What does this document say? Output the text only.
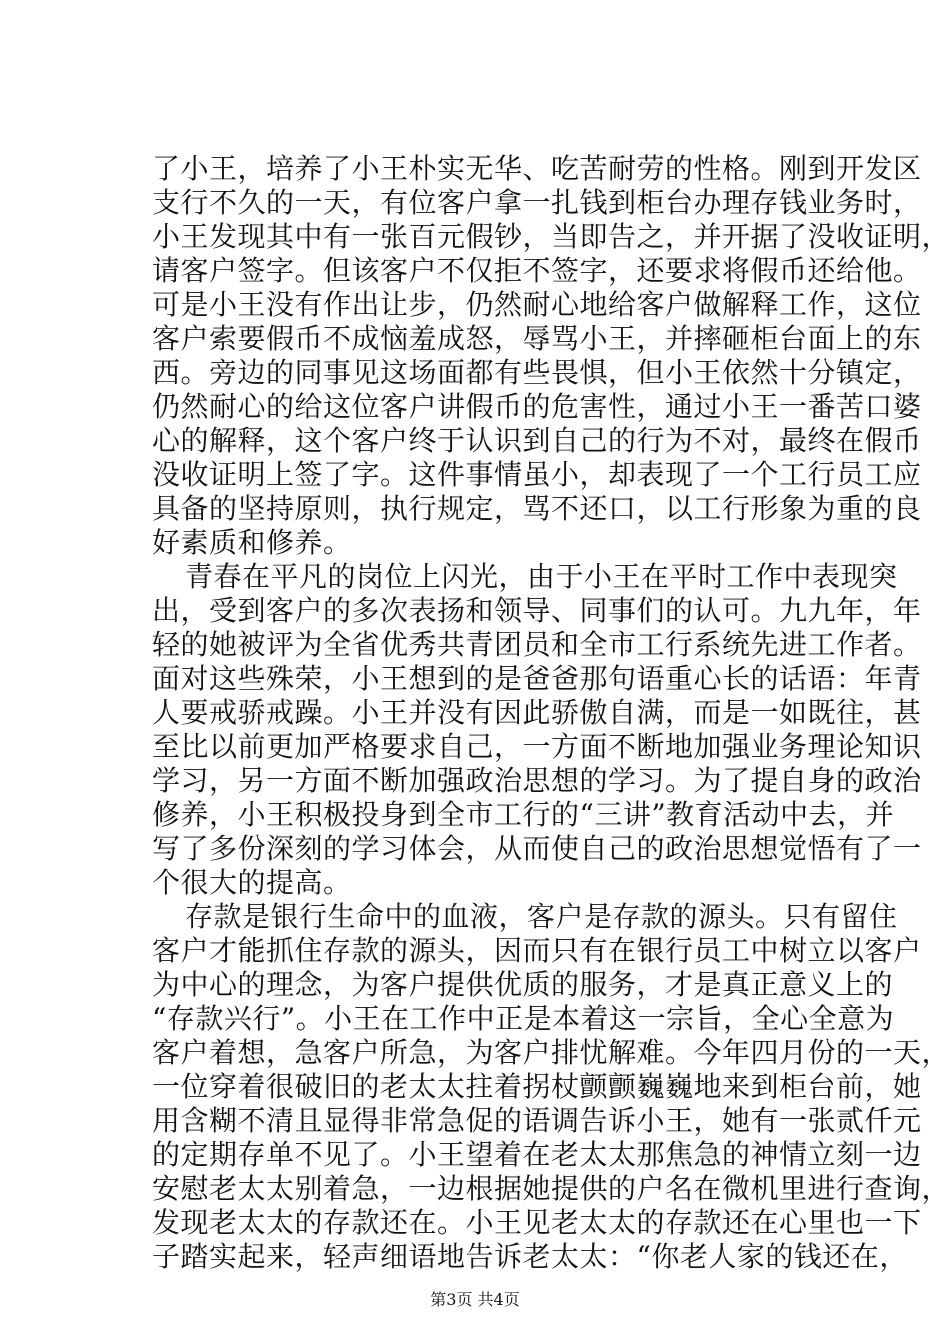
了小王，培养了小王朴实无华、吃苦耐劳的性格。刚到开发区
支行不久的一天，有位客户拿一扎钱到柜台办理存钱业务时，
小王发现其中有一张百元假钞，当即告之，并开据了没收证明，
请客户签字。但该客户不仅拒不签字，还要求将假币还给他。
可是小王没有作出让步，仍然耐心地给客户做解释工作，这位
客户索要假币不成恼羞成怒，辱骂小王，并摔砸柜台面上的东
西。旁边的同事见这场面都有些畏惧，但小王依然十分镇定，
仍然耐心的给这位客户讲假币的危害性，通过小王一番苦口婆
心的解释，这个客户终于认识到自己的行为不对，最终在假币
没收证明上签了字。这件事情虽小，却表现了一个工行员工应
具备的坚持原则，执行规定，骂不还口，以工行形象为重的良
好素质和修养。
青春在平凡的岗位上闪光，由于小王在平时工作中表现突
出，受到客户的多次表扬和领导、同事们的认可。九九年，年
轻的她被评为全省优秀共青团员和全市工行系统先进工作者。
面对这些殊荣，小王想到的是爸爸那句语重心长的话语：年青
人要戒骄戒躁。小王并没有因此骄傲自满，而是一如既往，甚
至比以前更加严格要求自己，一方面不断地加强业务理论知识
学习，另一方面不断加强政治思想的学习。为了提自身的政治
修养，小王积极投身到全市工行的“三讲”教育活动中去，并
写了多份深刻的学习体会，从而使自己的政治思想觉悟有了一
个很大的提高。
存款是银行生命中的血液，客户是存款的源头。只有留住
客户才能抓住存款的源头，因而只有在银行员工中树立以客户
为中心的理念，为客户提供优质的服务，才是真正意义上的
“存款兴行”。小王在工作中正是本着这一宗旨，全心全意为
客户着想，急客户所急，为客户排忧解难。今年四月份的一天，
一位穿着很破旧的老太太拄着拐杖颤颤巍巍地来到柜台前，她
用含糊不清且显得非常急促的语调告诉小王，她有一张贰仟元
的定期存单不见了。小王望着在老太太那焦急的神情立刻一边
安慰老太太别着急，一边根据她提供的户名在微机里进行查询，
发现老太太的存款还在。小王见老太太的存款还在心里也一下
子踏实起来，轻声细语地告诉老太太：“你老人家的钱还在，
第3页 共4页
